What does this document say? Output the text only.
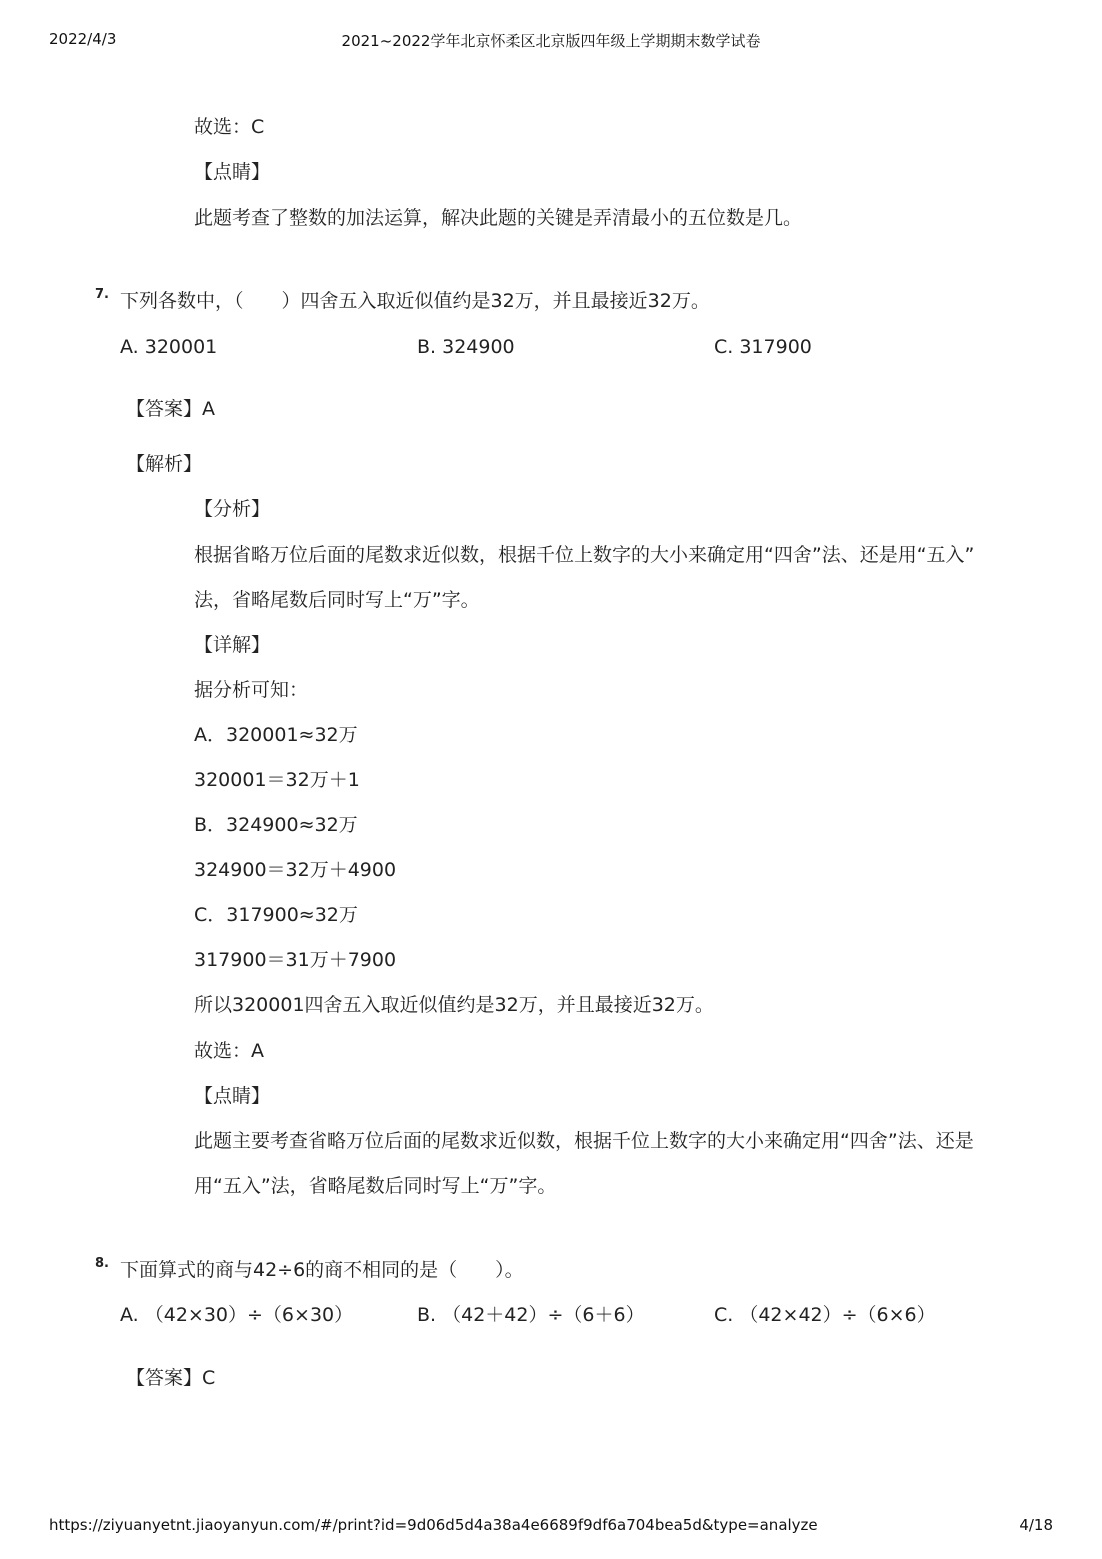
2022/4/3	2021~2022学年北京怀柔区北京版四年级上学期期末数学试卷
故选：C
【点睛】
此题考查了整数的加法运算，解决此题的关键是弄清最小的五位数是几。
7. 下列各数中，（　　）四舍五入取近似值约是32万，并且最接近32万。
A. 320001	B. 324900	C. 317900
【答案】A
【解析】
【分析】
根据省略万位后面的尾数求近似数，根据千位上数字的大小来确定用“四舍”法、还是用“五入”
法，省略尾数后同时写上“万”字。
【详解】
据分析可知：
A．320001≈32万
320001＝32万＋1
B．324900≈32万
324900＝32万＋4900
C．317900≈32万
317900＝31万＋7900
所以320001四舍五入取近似值约是32万，并且最接近32万。
故选：A
【点睛】
此题主要考查省略万位后面的尾数求近似数，根据千位上数字的大小来确定用“四舍”法、还是
用“五入”法，省略尾数后同时写上“万”字。
8. 下面算式的商与42÷6的商不相同的是（　　）。
A. （42×30）÷（6×30）	B. （42＋42）÷（6＋6）	C. （42×42）÷（6×6）
【答案】C
https://ziyuanyetnt.jiaoyanyun.com/#/print?id=9d06d5d4a38a4e6689f9df6a704bea5d&type=analyze	4/18
